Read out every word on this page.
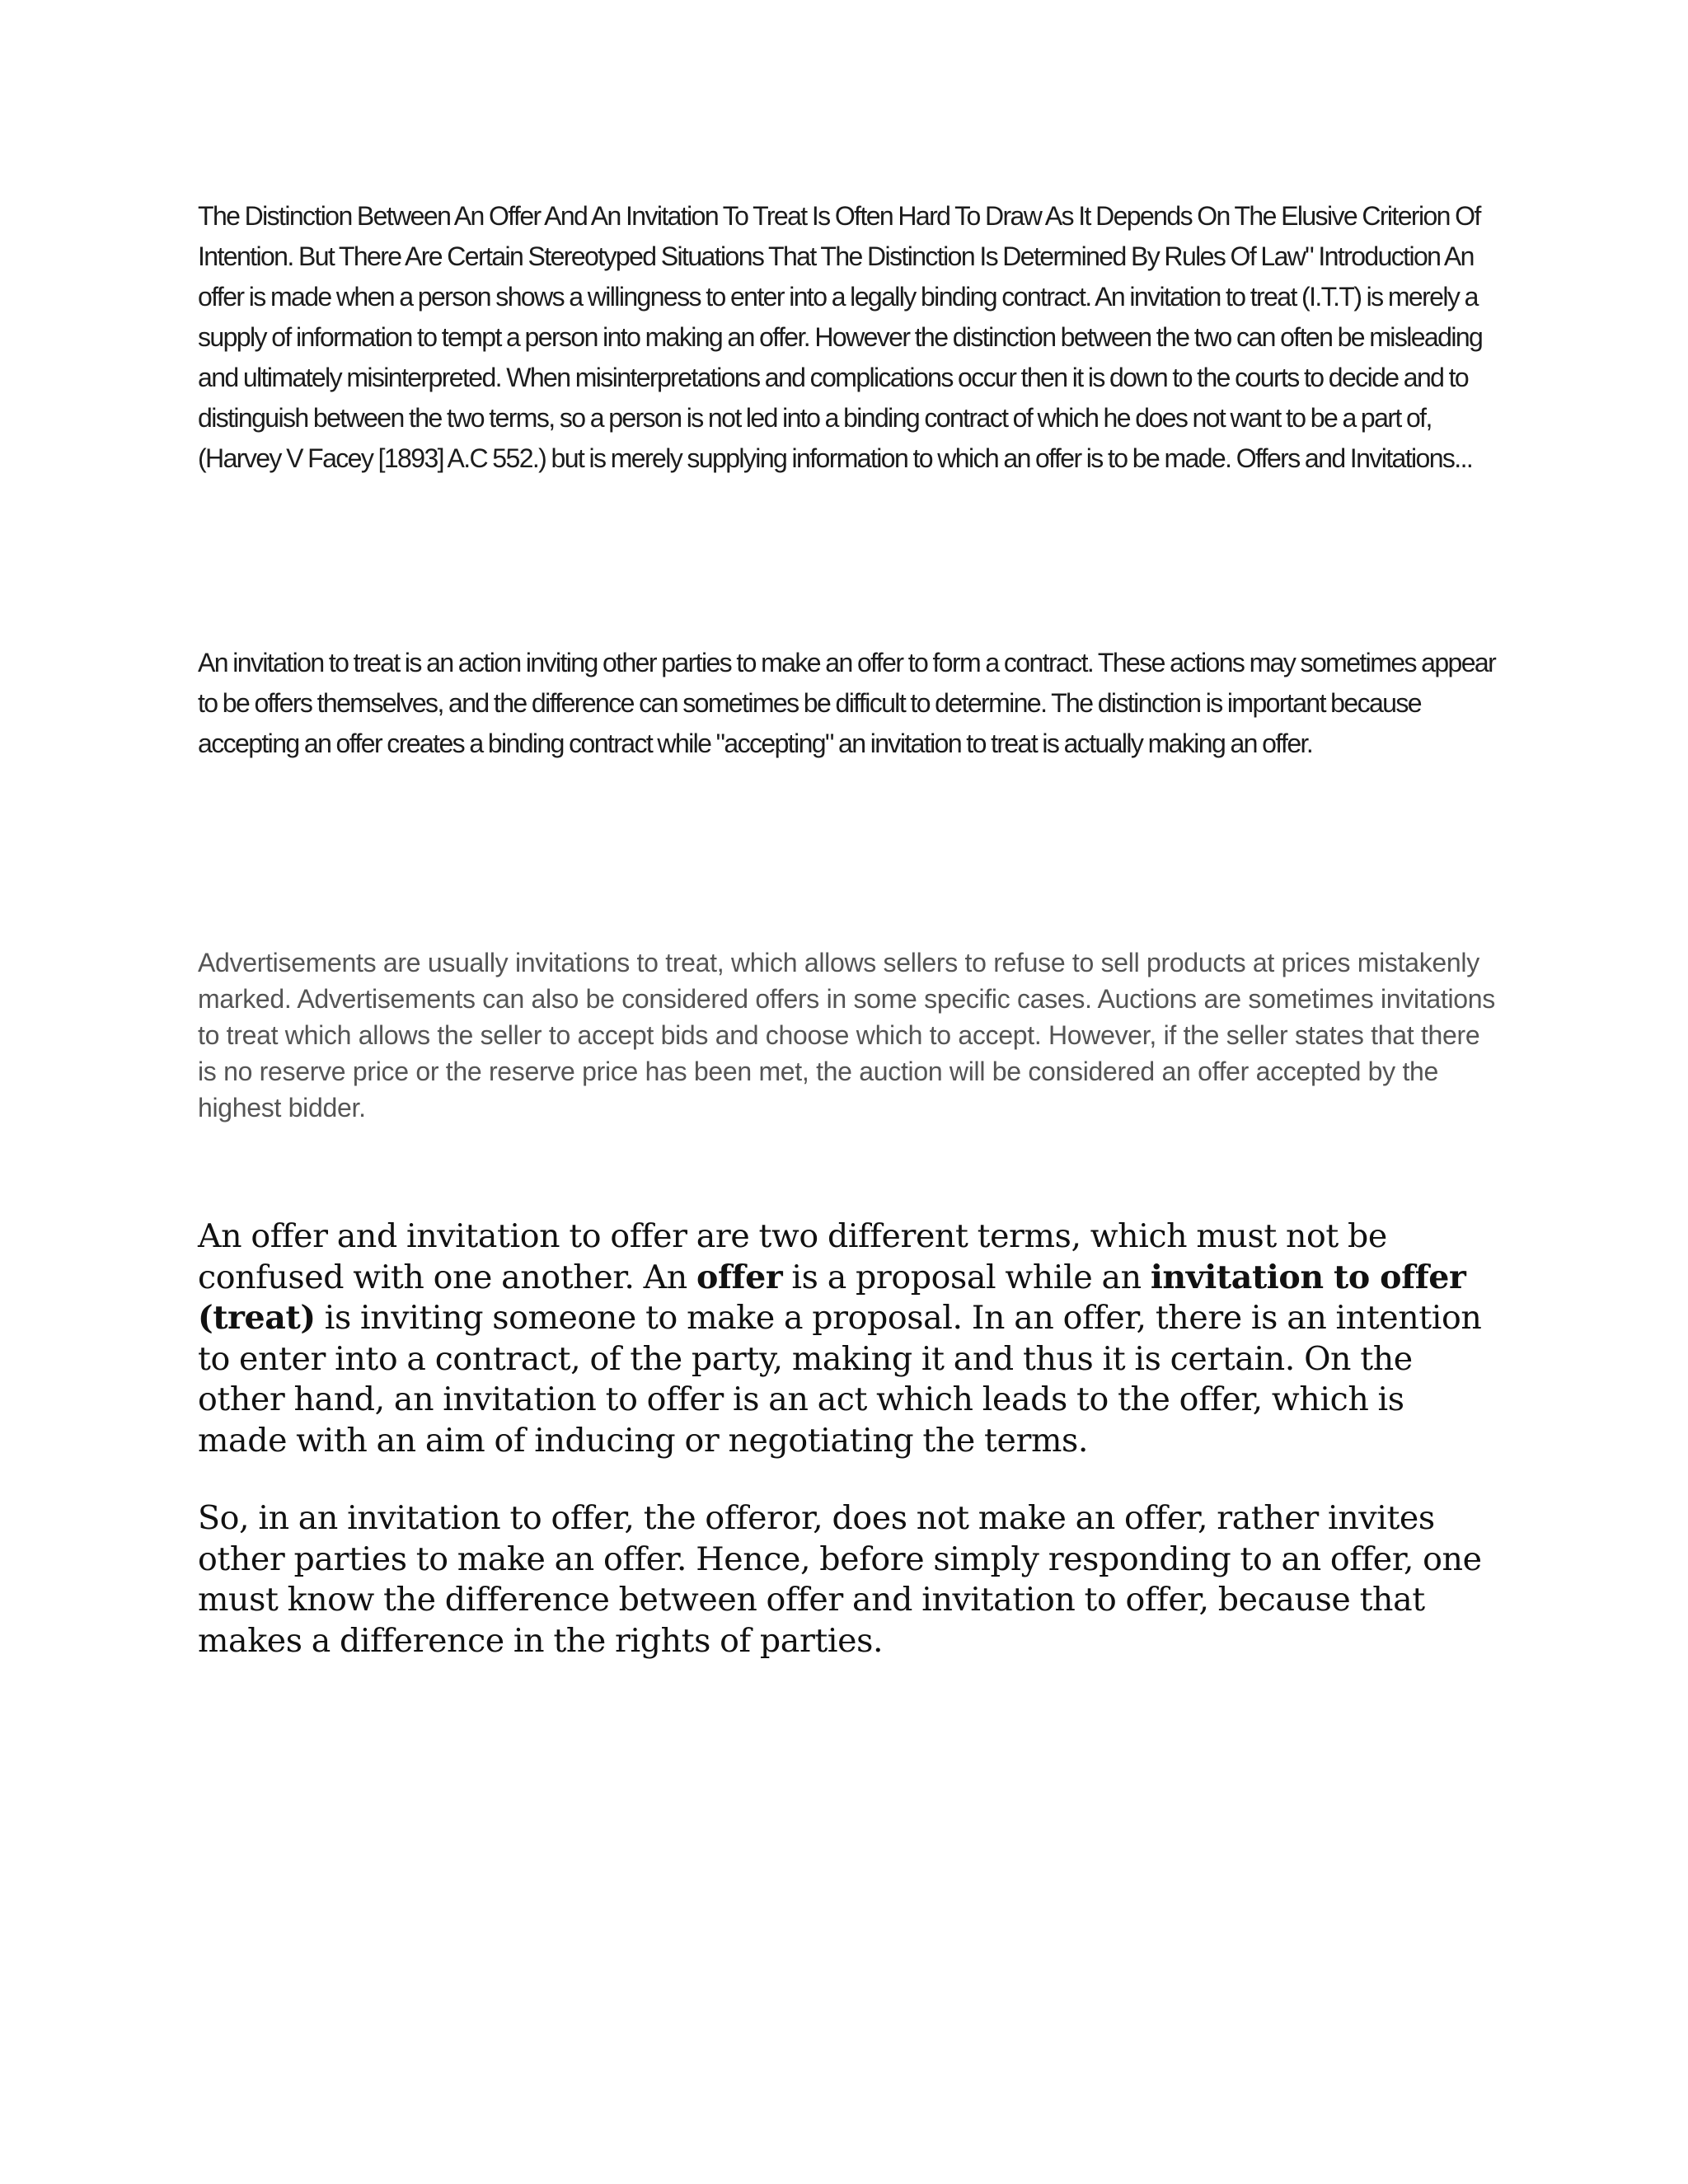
The Distinction Between An Offer And An Invitation To Treat Is Often Hard To Draw As It Depends On The Elusive Criterion Of Intention. But There Are Certain Stereotyped Situations That The Distinction Is Determined By Rules Of Law" Introduction An offer is made when a person shows a willingness to enter into a legally binding contract. An invitation to treat (I.T.T) is merely a supply of information to tempt a person into making an offer. However the distinction between the two can often be misleading and ultimately misinterpreted. When misinterpretations and complications occur then it is down to the courts to decide and to distinguish between the two terms, so a person is not led into a binding contract of which he does not want to be a part of, (Harvey V Facey [1893] A.C 552.) but is merely supplying information to which an offer is to be made. Offers and Invitations...

An invitation to treat is an action inviting other parties to make an offer to form a contract. These actions may sometimes appear to be offers themselves, and the difference can sometimes be difficult to determine. The distinction is important because accepting an offer creates a binding contract while "accepting" an invitation to treat is actually making an offer.

Advertisements are usually invitations to treat, which allows sellers to refuse to sell products at prices mistakenly marked. Advertisements can also be considered offers in some specific cases. Auctions are sometimes invitations to treat which allows the seller to accept bids and choose which to accept. However, if the seller states that there is no reserve price or the reserve price has been met, the auction will be considered an offer accepted by the highest bidder.

An offer and invitation to offer are two different terms, which must not be confused with one another. An offer is a proposal while an invitation to offer (treat) is inviting someone to make a proposal. In an offer, there is an intention to enter into a contract, of the party, making it and thus it is certain. On the other hand, an invitation to offer is an act which leads to the offer, which is made with an aim of inducing or negotiating the terms.

So, in an invitation to offer, the offeror, does not make an offer, rather invites other parties to make an offer. Hence, before simply responding to an offer, one must know the difference between offer and invitation to offer, because that makes a difference in the rights of parties.
